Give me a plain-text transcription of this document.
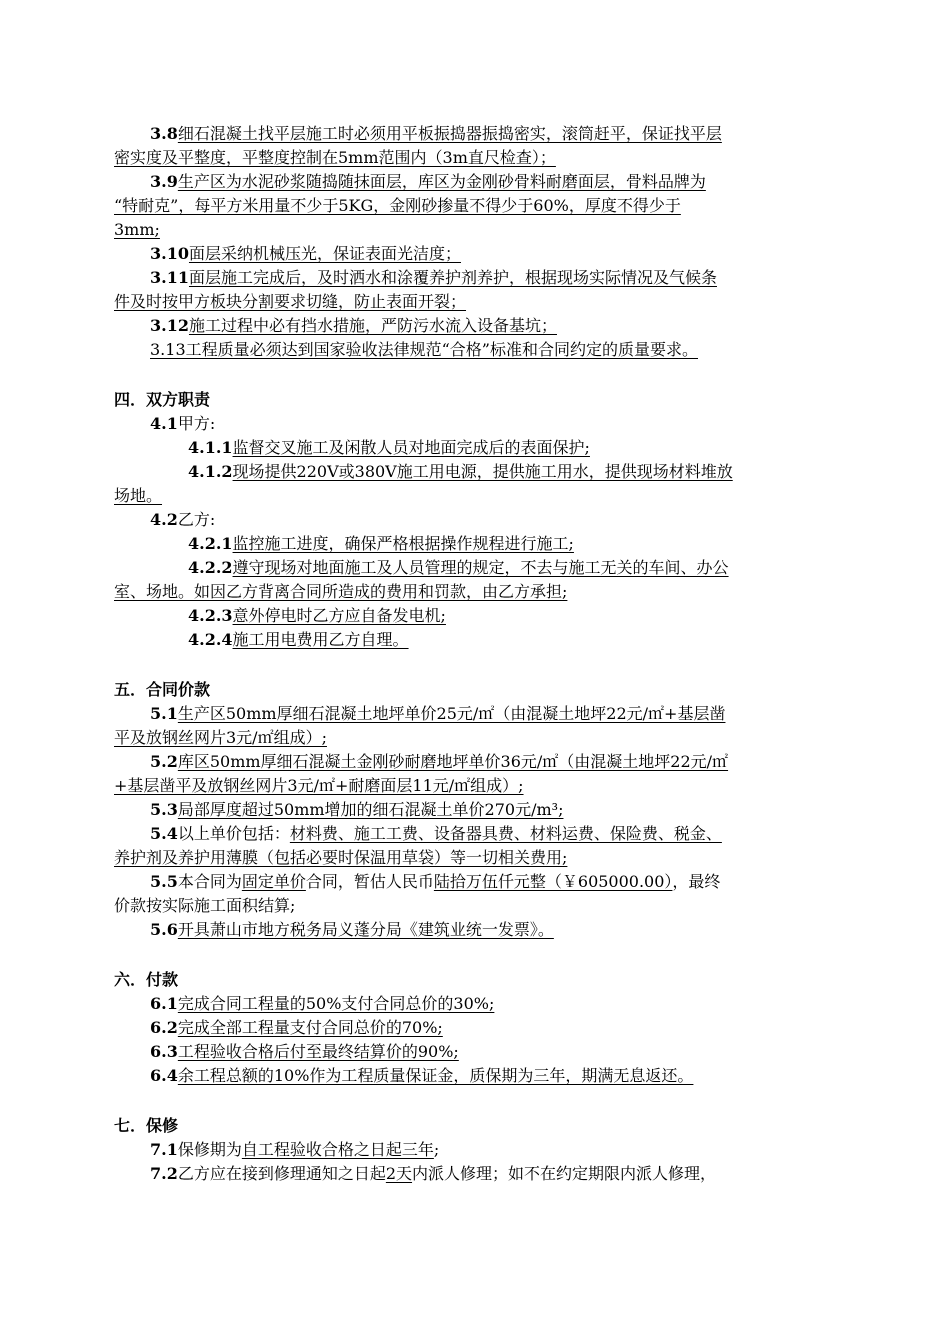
3.8细石混凝土找平层施工时必须用平板振捣器振捣密实，滚筒赶平，保证找平层
密实度及平整度，平整度控制在5mm范围内（3m直尺检查）；
3.9生产区为水泥砂浆随捣随抹面层，库区为金刚砂骨料耐磨面层，骨料品牌为
“特耐克”，每平方米用量不少于5KG，金刚砂掺量不得少于60%，厚度不得少于
3mm;
3.10面层采纳机械压光，保证表面光洁度；
3.11面层施工完成后，及时洒水和涂覆养护剂养护，根据现场实际情况及气候条
件及时按甲方板块分割要求切缝，防止表面开裂；
3.12施工过程中必有挡水措施，严防污水流入设备基坑；
3.13工程质量必须达到国家验收法律规范“合格”标准和合同约定的质量要求。
四．双方职责
4.1甲方:
4.1.1监督交叉施工及闲散人员对地面完成后的表面保护;
4.1.2现场提供220V或380V施工用电源，提供施工用水，提供现场材料堆放
场地。
4.2乙方:
4.2.1监控施工进度，确保严格根据操作规程进行施工;
4.2.2遵守现场对地面施工及人员管理的规定，不去与施工无关的车间、办公
室、场地。如因乙方背离合同所造成的费用和罚款，由乙方承担;
4.2.3意外停电时乙方应自备发电机;
4.2.4施工用电费用乙方自理。
五．合同价款
5.1生产区50mm厚细石混凝土地坪单价25元/㎡（由混凝土地坪22元/㎡+基层凿
平及放钢丝网片3元/㎡组成）;
5.2库区50mm厚细石混凝土金刚砂耐磨地坪单价36元/㎡（由混凝土地坪22元/㎡
+基层凿平及放钢丝网片3元/㎡+耐磨面层11元/㎡组成）;
5.3局部厚度超过50mm增加的细石混凝土单价270元/m³;
5.4以上单价包括：材料费、施工工费、设备器具费、材料运费、保险费、税金、
养护剂及养护用薄膜（包括必要时保温用草袋）等一切相关费用;
5.5本合同为固定单价合同，暂估人民币陆拾万伍仟元整（￥605000.00），最终
价款按实际施工面积结算;
5.6开具萧山市地方税务局义蓬分局《建筑业统一发票》。
六．付款
6.1完成合同工程量的50%支付合同总价的30%;
6.2完成全部工程量支付合同总价的70%;
6.3工程验收合格后付至最终结算价的90%;
6.4余工程总额的10%作为工程质量保证金，质保期为三年，期满无息返还。
七．保修
7.1保修期为自工程验收合格之日起三年;
7.2乙方应在接到修理通知之日起2天内派人修理；如不在约定期限内派人修理，
